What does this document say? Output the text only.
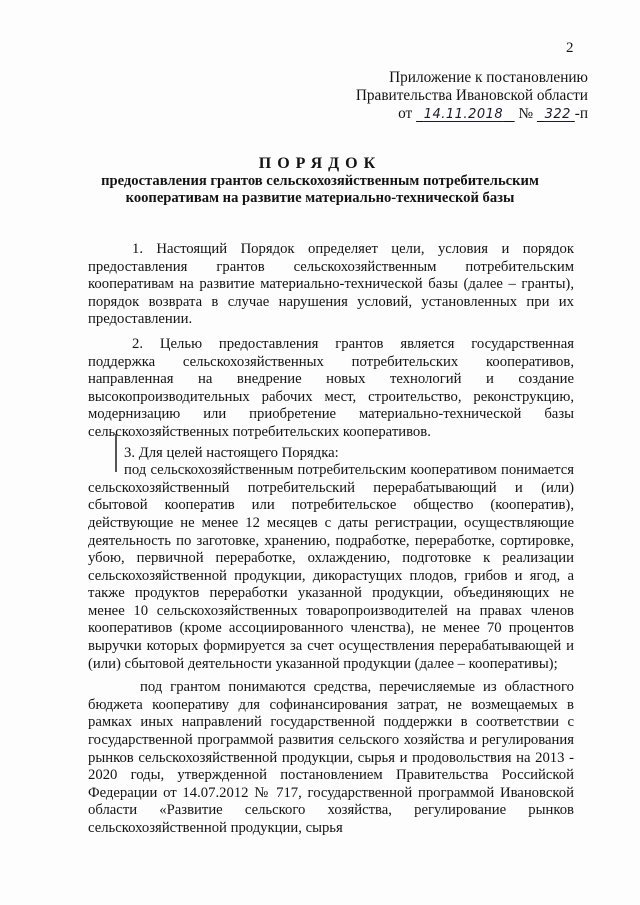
2
Приложение к постановлению
Правительства Ивановской области
от 14.11.2018 № 322 -п
ПОРЯДОК
предоставления грантов сельскохозяйственным потребительским кооперативам на развитие материально-технической базы

1. Настоящий Порядок определяет цели, условия и порядок предоставления грантов сельскохозяйственным потребительским кооперативам на развитие материально-технической базы (далее – гранты), порядок возврата в случае нарушения условий, установленных при их предоставлении.

2. Целью предоставления грантов является государственная поддержка сельскохозяйственных потребительских кооперативов, направленная на внедрение новых технологий и создание высокопроизводительных рабочих мест, строительство, реконструкцию, модернизацию или приобретение материально-технической базы сельскохозяйственных потребительских кооперативов.

3. Для целей настоящего Порядка:

под сельскохозяйственным потребительским кооперативом понимается сельскохозяйственный потребительский перерабатывающий и (или) сбытовой кооператив или потребительское общество (кооператив), действующие не менее 12 месяцев с даты регистрации, осуществляющие деятельность по заготовке, хранению, подработке, переработке, сортировке, убою, первичной переработке, охлаждению, подготовке к реализации сельскохозяйственной продукции, дикорастущих плодов, грибов и ягод, а также продуктов переработки указанной продукции, объединяющих не менее 10 сельскохозяйственных товаропроизводителей на правах членов кооперативов (кроме ассоциированного членства), не менее 70 процентов выручки которых формируется за счет осуществления перерабатывающей и (или) сбытовой деятельности указанной продукции (далее – кооперативы);

под грантом понимаются средства, перечисляемые из областного бюджета кооперативу для софинансирования затрат, не возмещаемых в рамках иных направлений государственной поддержки в соответствии с государственной программой развития сельского хозяйства и регулирования рынков сельскохозяйственной продукции, сырья и продовольствия на 2013 - 2020 годы, утвержденной постановлением Правительства Российской Федерации от 14.07.2012 № 717, государственной программой Ивановской области «Развитие сельского хозяйства, регулирование рынков сельскохозяйственной продукции, сырья
